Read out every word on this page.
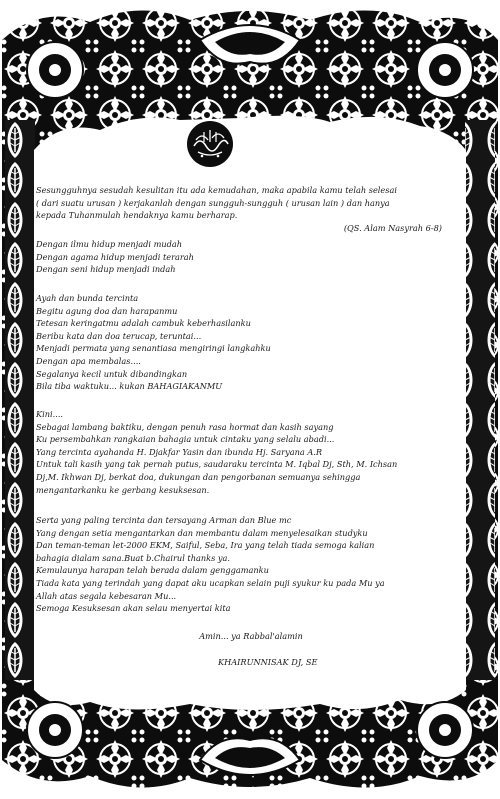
Sesungguhnya sesudah kesulitan itu ada kemudahan, maka apabila kamu telah selesai

( dari suatu urusan ) kerjakanlah dengan sungguh-sungguh ( urusan lain ) dan hanya

kepada Tuhanmulah hendaknya kamu berharap.

(QS. Alam Nasyrah 6-8)

Dengan ilmu hidup menjadi mudah

Dengan agama hidup menjadi terarah

Dengan seni hidup menjadi indah

Ayah dan bunda tercinta

Begitu agung doa dan harapanmu

Tetesan keringatmu adalah cambuk keberhasilanku

Beribu kata dan doa terucap, teruntai...

Menjadi permata yang senantiasa mengiringi langkahku

Dengan apa membalas....

Segalanya kecil untuk dibandingkan

Bila tiba waktuku... kukan BAHAGIAKANMU

Kini....

Sebagai lambang baktiku, dengan penuh rasa hormat dan kasih sayang

Ku persembahkan rangkaian bahagia untuk cintaku yang selalu abadi...

Yang tercinta ayahanda H. Djakfar Yasin dan ibunda Hj. Saryana A.R

Untuk tali kasih yang tak pernah putus, saudaraku tercinta M. Iqbal Dj, Sth, M. Ichsan

Dj,M. Ikhwan Dj, berkat doa, dukungan dan pengorbanan semuanya sehingga

mengantarkanku ke gerbang kesuksesan.

Serta yang paling tercinta dan tersayang Arman dan Blue mc

Yang dengan setia mengantarkan dan membantu dalam menyelesaikan studyku

Dan teman-teman let-2000 EKM, Saiful, Seba, Ira yang telah tiada semoga kalian

bahagia dialam sana.Buat b.Chairul thanks ya.

Kemulaunya harapan telah berada dalam genggamanku

Tiada kata yang terindah yang dapat aku ucapkan selain puji syukur ku pada Mu ya

Allah atas segala kebesaran Mu...

Semoga Kesuksesan akan selau menyertai kita

Amin... ya Rabbal'alamin

KHAIRUNNISAK DJ, SE
